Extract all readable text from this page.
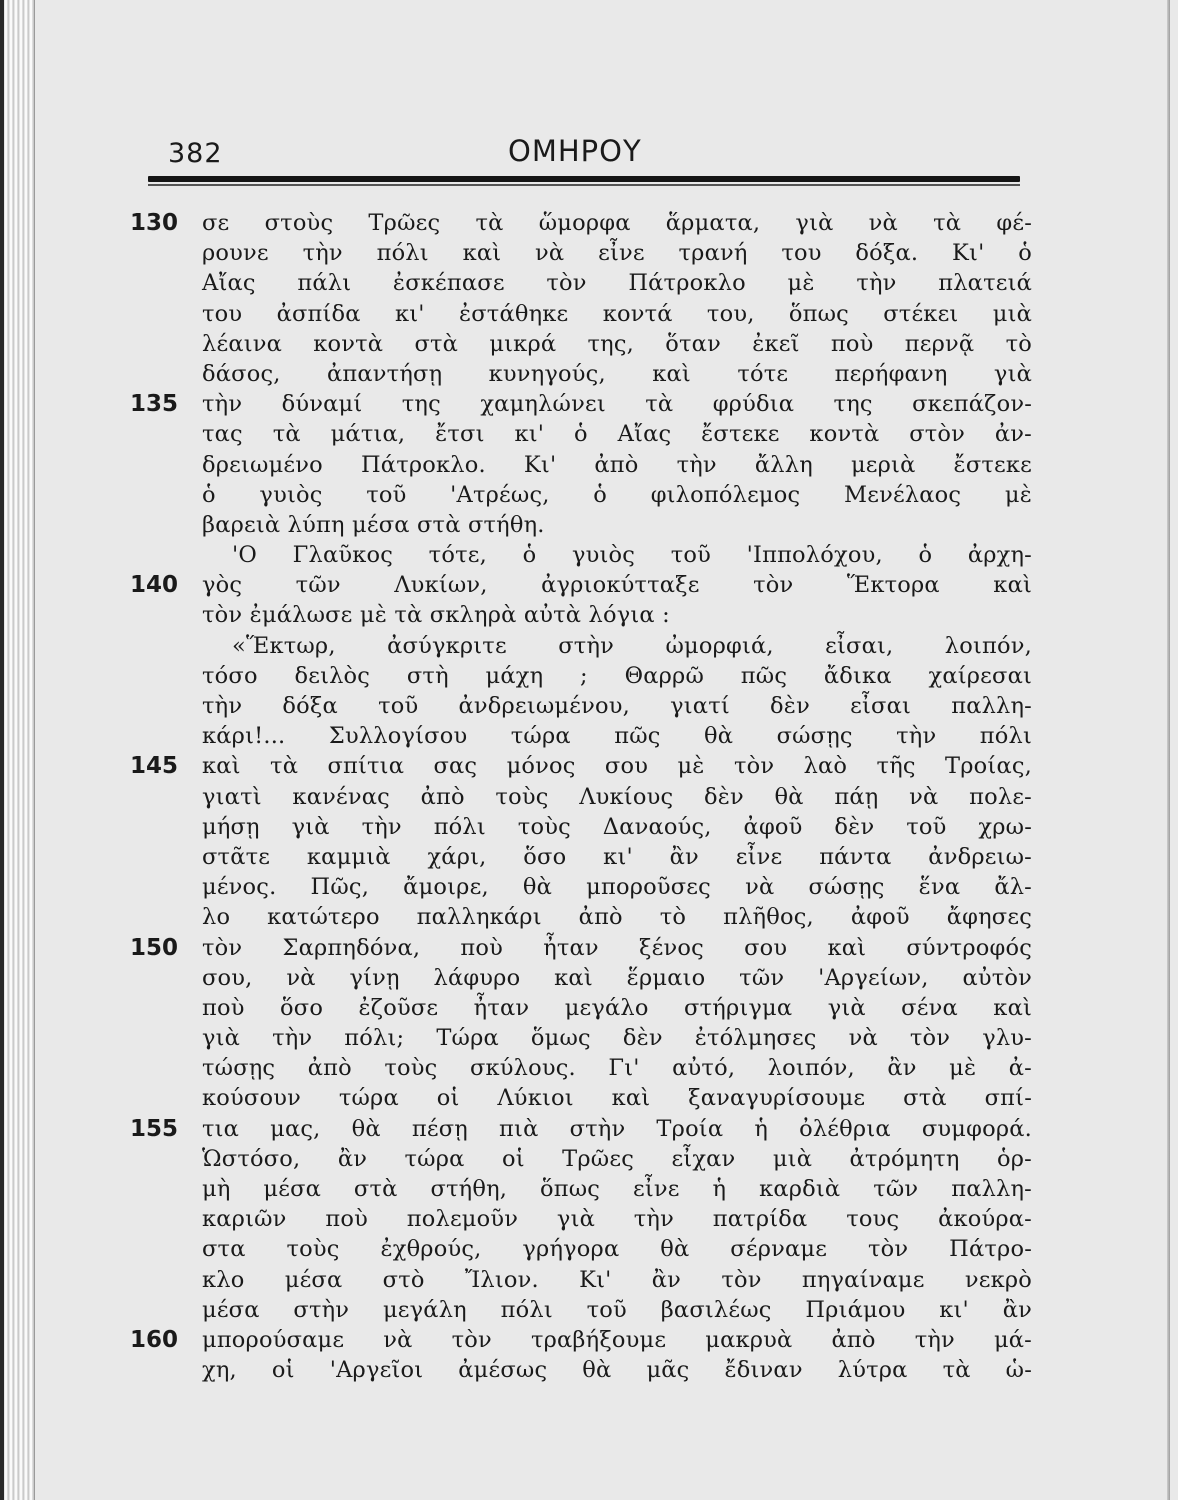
382	ΟΜΗΡΟΥ
130	σε στοὺς Τρῶες τὰ ὥμορφα ἅρματα, γιὰ νὰ τὰ φέ-
ρουνε τὴν πόλι καὶ νὰ εἶνε τρανή του δόξα. Κι' ὁ
Αἴας πάλι ἐσκέπασε τὸν Πάτροκλο μὲ τὴν πλατειά
του ἀσπίδα κι' ἐστάθηκε κοντά του, ὅπως στέκει μιὰ
λέαινα κοντὰ στὰ μικρά της, ὅταν ἐκεῖ ποὺ περνᾷ τὸ
δάσος, ἀπαντήσῃ κυνηγούς, καὶ τότε περήφανη γιὰ
135	τὴν δύναμί της χαμηλώνει τὰ φρύδια της σκεπάζον-
τας τὰ μάτια, ἔτσι κι' ὁ Αἴας ἔστεκε κοντὰ στὸν ἀν-
δρειωμένο Πάτροκλο. Κι' ἀπὸ τὴν ἄλλη μεριὰ ἔστεκε
ὁ γυιὸς τοῦ 'Ατρέως, ὁ φιλοπόλεμος Μενέλαος μὲ
βαρειὰ λύπη μέσα στὰ στήθη.
'Ο Γλαῦκος τότε, ὁ γυιὸς τοῦ 'Ιππολόχου, ὁ ἀρχη-
140	γὸς τῶν Λυκίων, ἀγριοκύτταξε τὸν Ἕκτορα καὶ
τὸν ἐμάλωσε μὲ τὰ σκληρὰ αὐτὰ λόγια :
«Ἕκτωρ, ἀσύγκριτε στὴν ὠμορφιά, εἶσαι, λοιπόν,
τόσο δειλὸς στὴ μάχη ; Θαρρῶ πῶς ἄδικα χαίρεσαι
τὴν δόξα τοῦ ἀνδρειωμένου, γιατί δὲν εἶσαι παλλη-
κάρι!... Συλλογίσου τώρα πῶς θὰ σώσῃς τὴν πόλι
145	καὶ τὰ σπίτια σας μόνος σου μὲ τὸν λαὸ τῆς Τροίας,
γιατὶ κανένας ἀπὸ τοὺς Λυκίους δὲν θὰ πάῃ νὰ πολε-
μήσῃ γιὰ τὴν πόλι τοὺς Δαναούς, ἀφοῦ δὲν τοῦ χρω-
στᾶτε καμμιὰ χάρι, ὅσο κι' ἂν εἶνε πάντα ἀνδρειω-
μένος. Πῶς, ἄμοιρε, θὰ μποροῦσες νὰ σώσῃς ἕνα ἄλ-
λο κατώτερο παλληκάρι ἀπὸ τὸ πλῆθος, ἀφοῦ ἄφησες
150	τὸν Σαρπηδόνα, ποὺ ἦταν ξένος σου καὶ σύντροφός
σου, νὰ γίνῃ λάφυρο καὶ ἕρμαιο τῶν 'Αργείων, αὐτὸν
ποὺ ὅσο ἐζοῦσε ἦταν μεγάλο στήριγμα γιὰ σένα καὶ
γιὰ τὴν πόλι; Τώρα ὅμως δὲν ἐτόλμησες νὰ τὸν γλυ-
τώσῃς ἀπὸ τοὺς σκύλους. Γι' αὐτό, λοιπόν, ἂν μὲ ἀ-
κούσουν τώρα οἱ Λύκιοι καὶ ξαναγυρίσουμε στὰ σπί-
155	τια μας, θὰ πέσῃ πιὰ στὴν Τροία ἡ ὀλέθρια συμφορά.
Ὡστόσο, ἂν τώρα οἱ Τρῶες εἶχαν μιὰ ἀτρόμητη ὁρ-
μὴ μέσα στὰ στήθη, ὅπως εἶνε ἡ καρδιὰ τῶν παλλη-
καριῶν ποὺ πολεμοῦν γιὰ τὴν πατρίδα τους ἀκούρα-
στα τοὺς ἐχθρούς, γρήγορα θὰ σέρναμε τὸν Πάτρο-
κλο μέσα στὸ Ἴλιον. Κι' ἂν τὸν πηγαίναμε νεκρὸ
μέσα στὴν μεγάλη πόλι τοῦ βασιλέως Πριάμου κι' ἂν
160	μπορούσαμε νὰ τὸν τραβήξουμε μακρυὰ ἀπὸ τὴν μά-
χη, οἱ 'Αργεῖοι ἀμέσως θὰ μᾶς ἔδιναν λύτρα τὰ ὡ-
